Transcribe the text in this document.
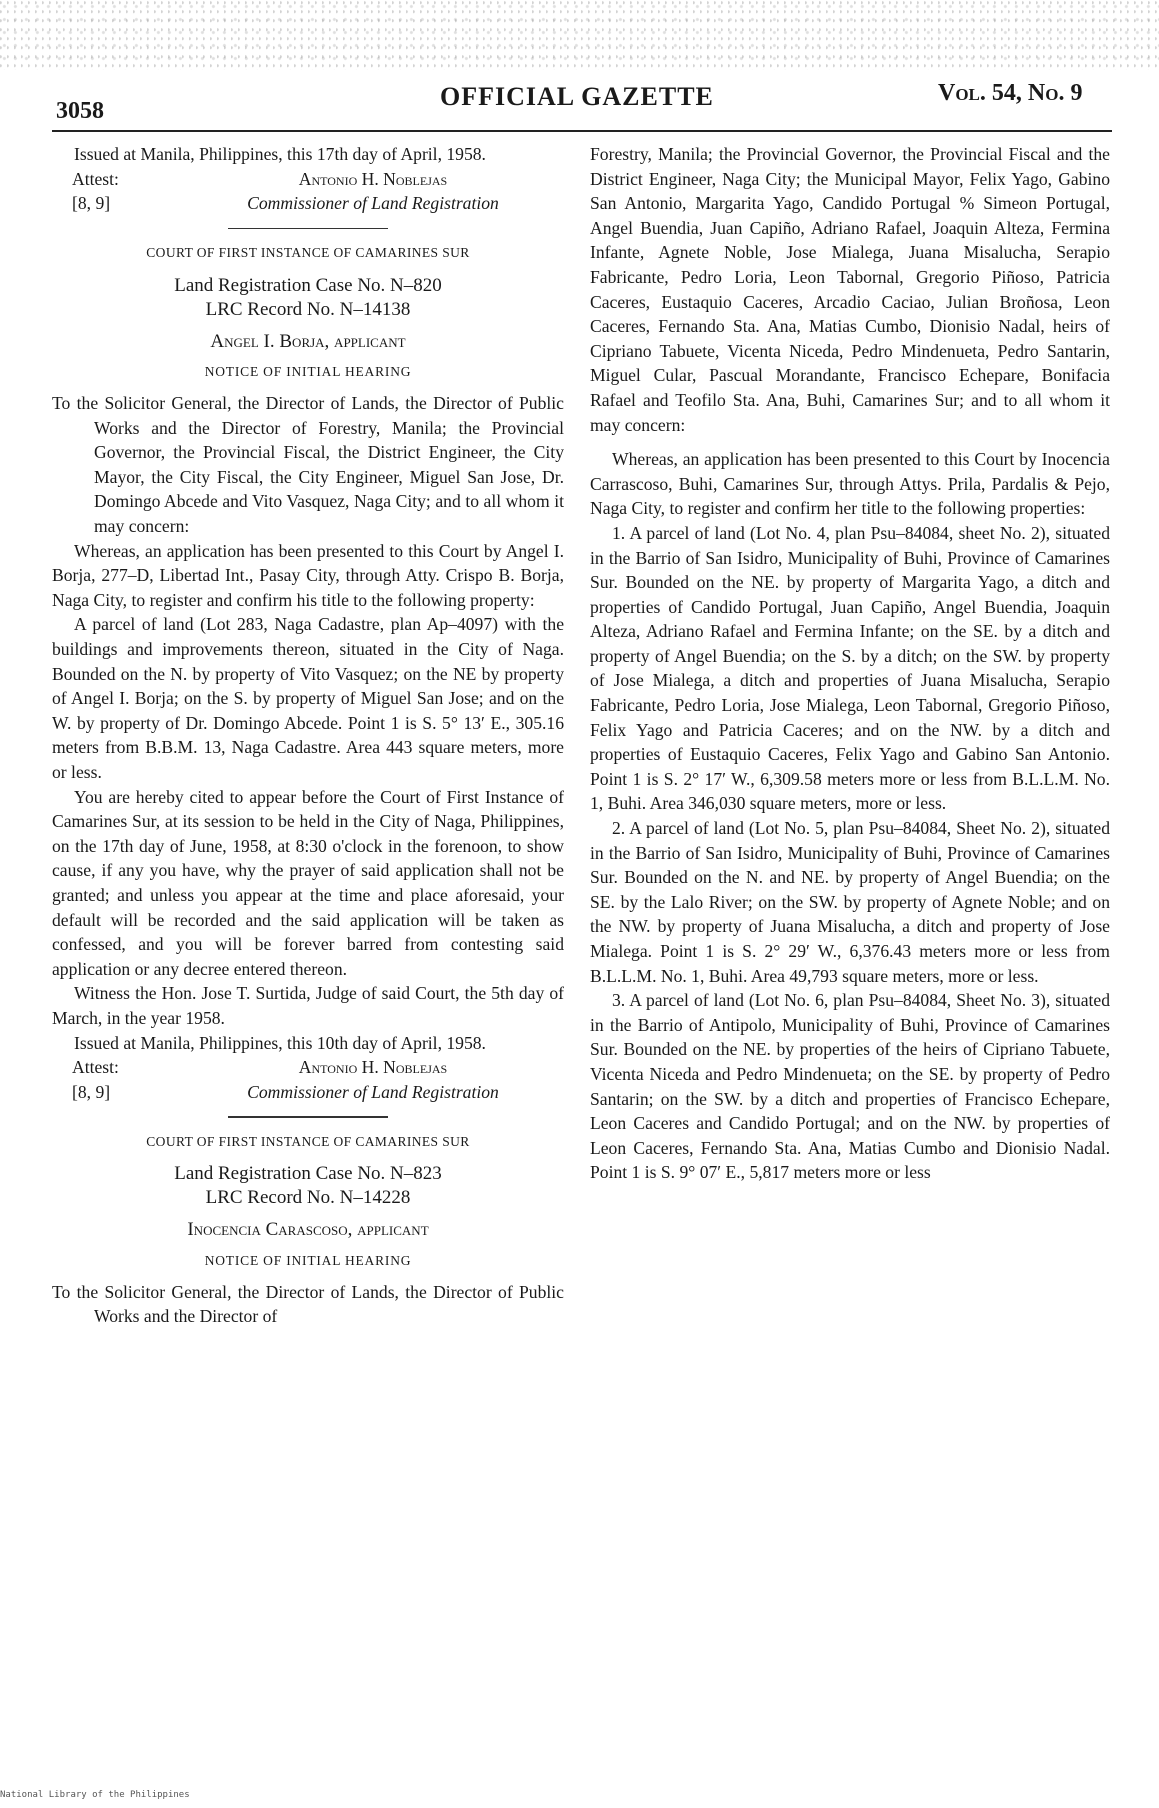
3058	OFFICIAL GAZETTE	Vol. 54, No. 9

Issued at Manila, Philippines, this 17th day of April, 1958.

Attest:
[8, 9]
Antonio H. Noblejas
Commissioner of Land Registration

COURT OF FIRST INSTANCE OF CAMARINES SUR

Land Registration Case No. N–820

LRC Record No. N–14138

Angel I. Borja, applicant

NOTICE OF INITIAL HEARING

To the Solicitor General, the Director of Lands, the Director of Public Works and the Director of Forestry, Manila; the Provincial Governor, the Provincial Fiscal, the District Engineer, the City Mayor, the City Fiscal, the City Engineer, Miguel San Jose, Dr. Domingo Abcede and Vito Vasquez, Naga City; and to all whom it may concern:

Whereas, an application has been presented to this Court by Angel I. Borja, 277–D, Libertad Int., Pasay City, through Atty. Crispo B. Borja, Naga City, to register and confirm his title to the following property:

A parcel of land (Lot 283, Naga Cadastre, plan Ap–4097) with the buildings and improvements thereon, situated in the City of Naga. Bounded on the N. by property of Vito Vasquez; on the NE by property of Angel I. Borja; on the S. by property of Miguel San Jose; and on the W. by property of Dr. Domingo Abcede. Point 1 is S. 5° 13′ E., 305.16 meters from B.B.M. 13, Naga Cadastre. Area 443 square meters, more or less.

You are hereby cited to appear before the Court of First Instance of Camarines Sur, at its session to be held in the City of Naga, Philippines, on the 17th day of June, 1958, at 8:30 o'clock in the forenoon, to show cause, if any you have, why the prayer of said application shall not be granted; and unless you appear at the time and place aforesaid, your default will be recorded and the said application will be taken as confessed, and you will be forever barred from contesting said application or any decree entered thereon.

Witness the Hon. Jose T. Surtida, Judge of said Court, the 5th day of March, in the year 1958.

Issued at Manila, Philippines, this 10th day of April, 1958.

Attest:
[8, 9]
Antonio H. Noblejas
Commissioner of Land Registration

COURT OF FIRST INSTANCE OF CAMARINES SUR

Land Registration Case No. N–823

LRC Record No. N–14228

Inocencia Carascoso, applicant

NOTICE OF INITIAL HEARING

To the Solicitor General, the Director of Lands, the Director of Public Works and the Director of

Forestry, Manila; the Provincial Governor, the Provincial Fiscal and the District Engineer, Naga City; the Municipal Mayor, Felix Yago, Gabino San Antonio, Margarita Yago, Candido Portugal % Simeon Portugal, Angel Buendia, Juan Capiño, Adriano Rafael, Joaquin Alteza, Fermina Infante, Agnete Noble, Jose Mialega, Juana Misalucha, Serapio Fabricante, Pedro Loria, Leon Tabornal, Gregorio Piñoso, Patricia Caceres, Eustaquio Caceres, Arcadio Caciao, Julian Broñosa, Leon Caceres, Fernando Sta. Ana, Matias Cumbo, Dionisio Nadal, heirs of Cipriano Tabuete, Vicenta Niceda, Pedro Mindenueta, Pedro Santarin, Miguel Cular, Pascual Morandante, Francisco Echepare, Bonifacia Rafael and Teofilo Sta. Ana, Buhi, Camarines Sur; and to all whom it may concern:

Whereas, an application has been presented to this Court by Inocencia Carrascoso, Buhi, Camarines Sur, through Attys. Prila, Pardalis & Pejo, Naga City, to register and confirm her title to the following properties:

1. A parcel of land (Lot No. 4, plan Psu–84084, sheet No. 2), situated in the Barrio of San Isidro, Municipality of Buhi, Province of Camarines Sur. Bounded on the NE. by property of Margarita Yago, a ditch and properties of Candido Portugal, Juan Capiño, Angel Buendia, Joaquin Alteza, Adriano Rafael and Fermina Infante; on the SE. by a ditch and property of Angel Buendia; on the S. by a ditch; on the SW. by property of Jose Mialega, a ditch and properties of Juana Misalucha, Serapio Fabricante, Pedro Loria, Jose Mialega, Leon Tabornal, Gregorio Piñoso, Felix Yago and Patricia Caceres; and on the NW. by a ditch and properties of Eustaquio Caceres, Felix Yago and Gabino San Antonio. Point 1 is S. 2° 17′ W., 6,309.58 meters more or less from B.L.L.M. No. 1, Buhi. Area 346,030 square meters, more or less.

2. A parcel of land (Lot No. 5, plan Psu–84084, Sheet No. 2), situated in the Barrio of San Isidro, Municipality of Buhi, Province of Camarines Sur. Bounded on the N. and NE. by property of Angel Buendia; on the SE. by the Lalo River; on the SW. by property of Agnete Noble; and on the NW. by property of Juana Misalucha, a ditch and property of Jose Mialega. Point 1 is S. 2° 29′ W., 6,376.43 meters more or less from B.L.L.M. No. 1, Buhi. Area 49,793 square meters, more or less.

3. A parcel of land (Lot No. 6, plan Psu–84084, Sheet No. 3), situated in the Barrio of Antipolo, Municipality of Buhi, Province of Camarines Sur. Bounded on the NE. by properties of the heirs of Cipriano Tabuete, Vicenta Niceda and Pedro Mindenueta; on the SE. by property of Pedro Santarin; on the SW. by a ditch and properties of Francisco Echepare, Leon Caceres and Candido Portugal; and on the NW. by properties of Leon Caceres, Fernando Sta. Ana, Matias Cumbo and Dionisio Nadal. Point 1 is S. 9° 07′ E., 5,817 meters more or less

National Library of the Philippines
